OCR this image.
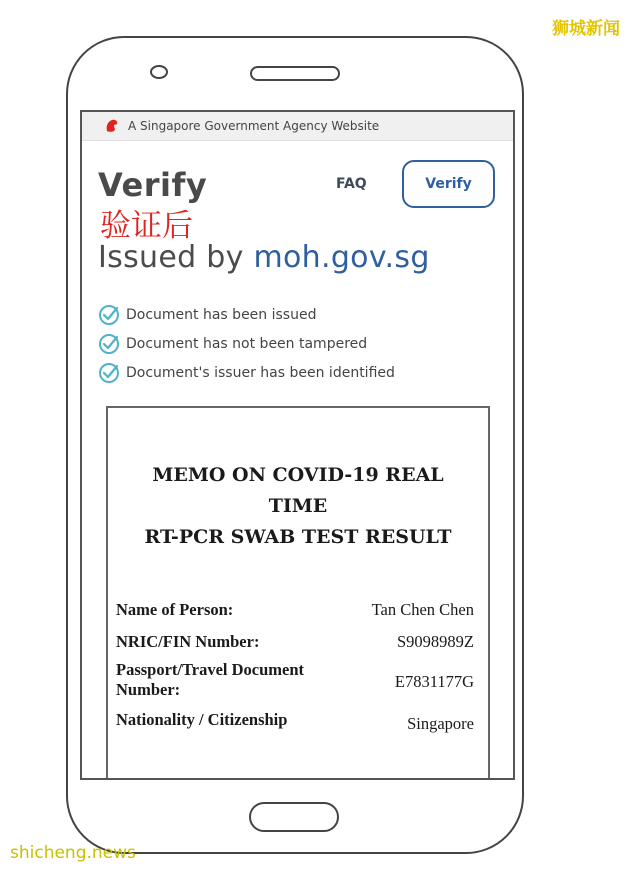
狮城新闻
A Singapore Government Agency Website
Verify	FAQ	Verify
验证后
Issued by moh.gov.sg
Document has been issued
Document has not been tampered
Document's issuer has been identified
MEMO ON COVID-19 REAL
TIME
RT-PCR SWAB TEST RESULT
Name of Person:	Tan Chen Chen
NRIC/FIN Number:	S9098989Z
Passport/Travel Document
Number:	E7831177G
Nationality / Citizenship	Singapore
shicheng.news
